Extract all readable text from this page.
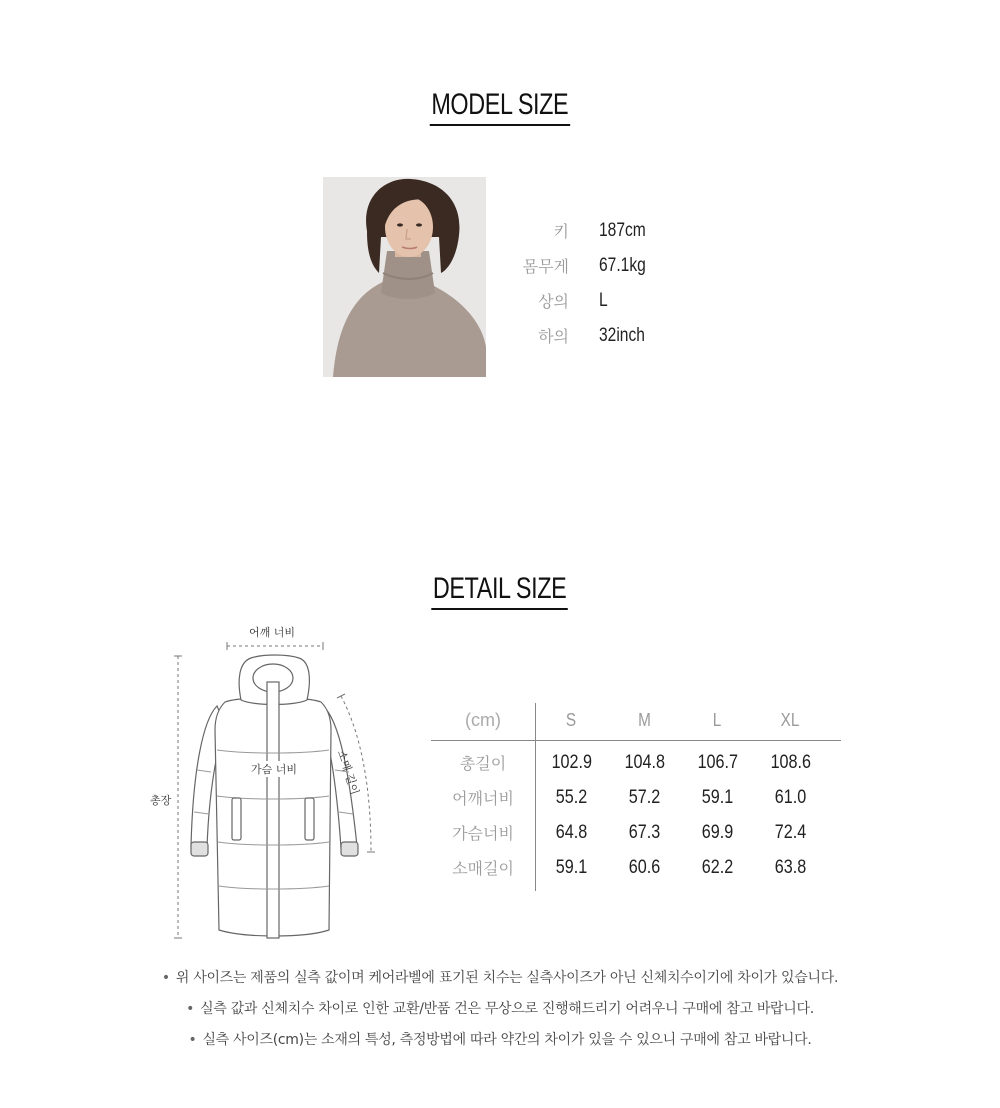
MODEL SIZE
키 187cm
몸무게 67.1kg
상의 L
하의 32inch
DETAIL SIZE
어깨 너비
가슴 너비
총장
소매 길이
(cm)	S	M	L	XL
총길이	102.9	104.8	106.7	108.6
어깨너비	55.2	57.2	59.1	61.0
가슴너비	64.8	67.3	69.9	72.4
소매길이	59.1	60.6	62.2	63.8
• 위 사이즈는 제품의 실측 값이며 케어라벨에 표기된 치수는 실측사이즈가 아닌 신체치수이기에 차이가 있습니다.
• 실측 값과 신체치수 차이로 인한 교환/반품 건은 무상으로 진행해드리기 어려우니 구매에 참고 바랍니다.
• 실측 사이즈(cm)는 소재의 특성, 측정방법에 따라 약간의 차이가 있을 수 있으니 구매에 참고 바랍니다.
